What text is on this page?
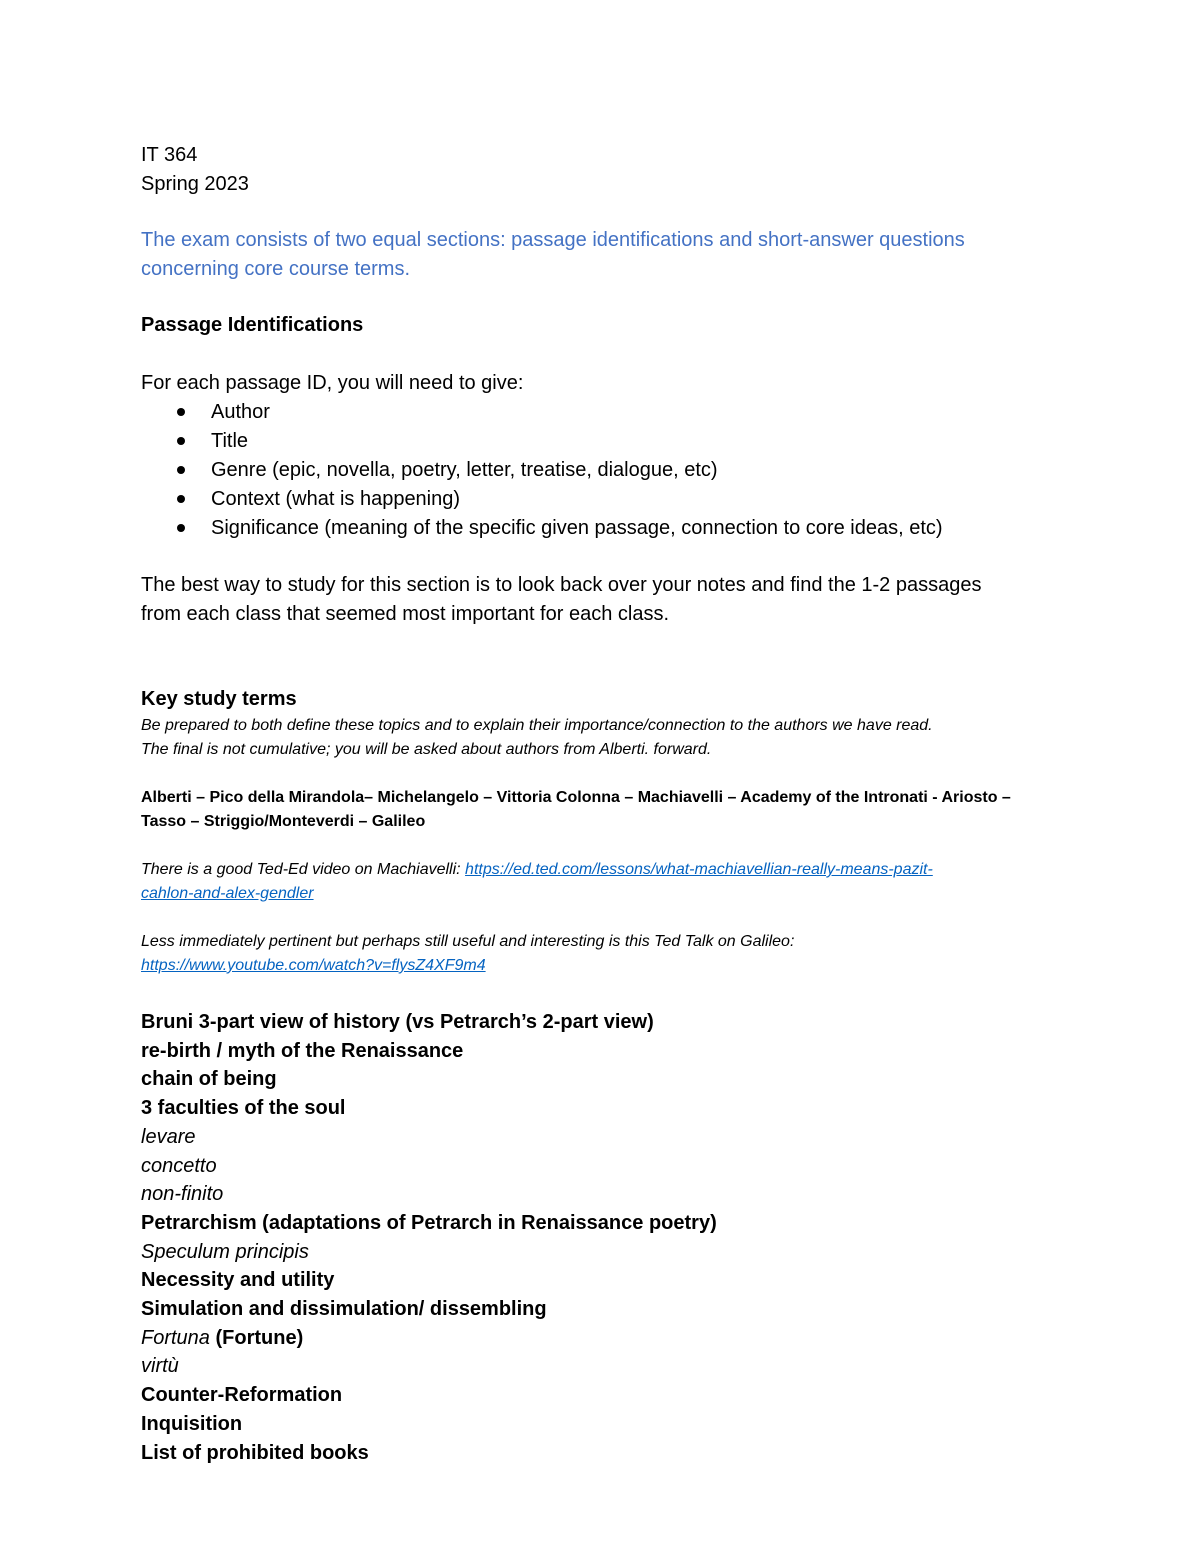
IT 364

Spring 2023

The exam consists of two equal sections: passage identifications and short-answer questions

concerning core course terms.

Passage Identifications

For each passage ID, you will need to give:

Author
Title
Genre (epic, novella, poetry, letter, treatise, dialogue, etc)
Context (what is happening)
Significance (meaning of the specific given passage, connection to core ideas, etc)

The best way to study for this section is to look back over your notes and find the 1-2 passages

from each class that seemed most important for each class.

Key study terms

Be prepared to both define these topics and to explain their importance/connection to the authors we have read.

The final is not cumulative; you will be asked about authors from Alberti. forward.

Alberti – Pico della Mirandola– Michelangelo – Vittoria Colonna – Machiavelli – Academy of the Intronati - Ariosto –

Tasso – Striggio/Monteverdi – Galileo

There is a good Ted-Ed video on Machiavelli: https://ed.ted.com/lessons/what-machiavellian-really-means-pazit-

cahlon-and-alex-gendler

Less immediately pertinent but perhaps still useful and interesting is this Ted Talk on Galileo:

https://www.youtube.com/watch?v=flysZ4XF9m4

Bruni 3-part view of history (vs Petrarch’s 2-part view)

re-birth / myth of the Renaissance

chain of being

3 faculties of the soul

levare

concetto

non-finito

Petrarchism (adaptations of Petrarch in Renaissance poetry)

Speculum principis

Necessity and utility

Simulation and dissimulation/ dissembling

Fortuna (Fortune)

virtù

Counter-Reformation

Inquisition

List of prohibited books
